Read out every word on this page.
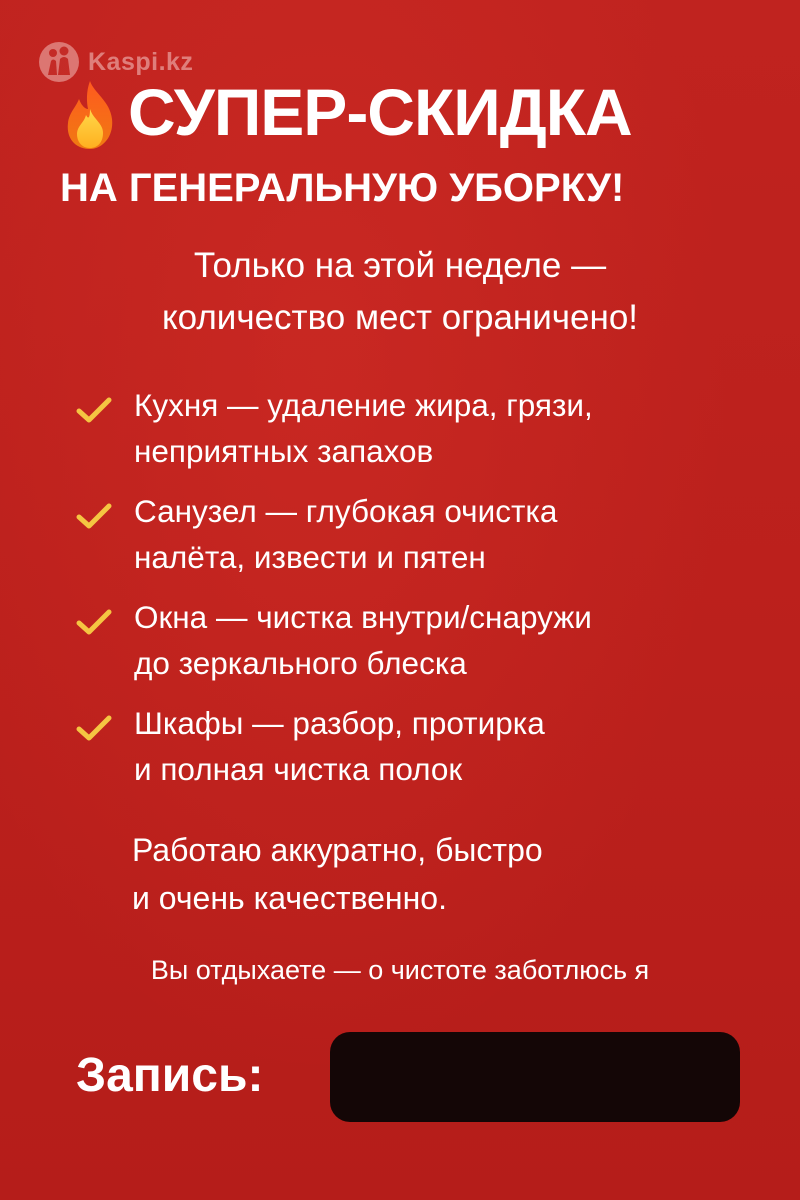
Kaspi.kz
СУПЕР-СКИДКА
НА ГЕНЕРАЛЬНУЮ УБОРКУ!
Только на этой неделе —
количество мест ограничено!
Кухня — удаление жира, грязи,
неприятных запахов
Санузел — глубокая очистка
налёта, извести и пятен
Окна — чистка внутри/снаружи
до зеркального блеска
Шкафы — разбор, протирка
и полная чистка полок
Работаю аккуратно, быстро
и очень качественно.
Вы отдыхаете — о чистоте заботлюсь я
Запись:
